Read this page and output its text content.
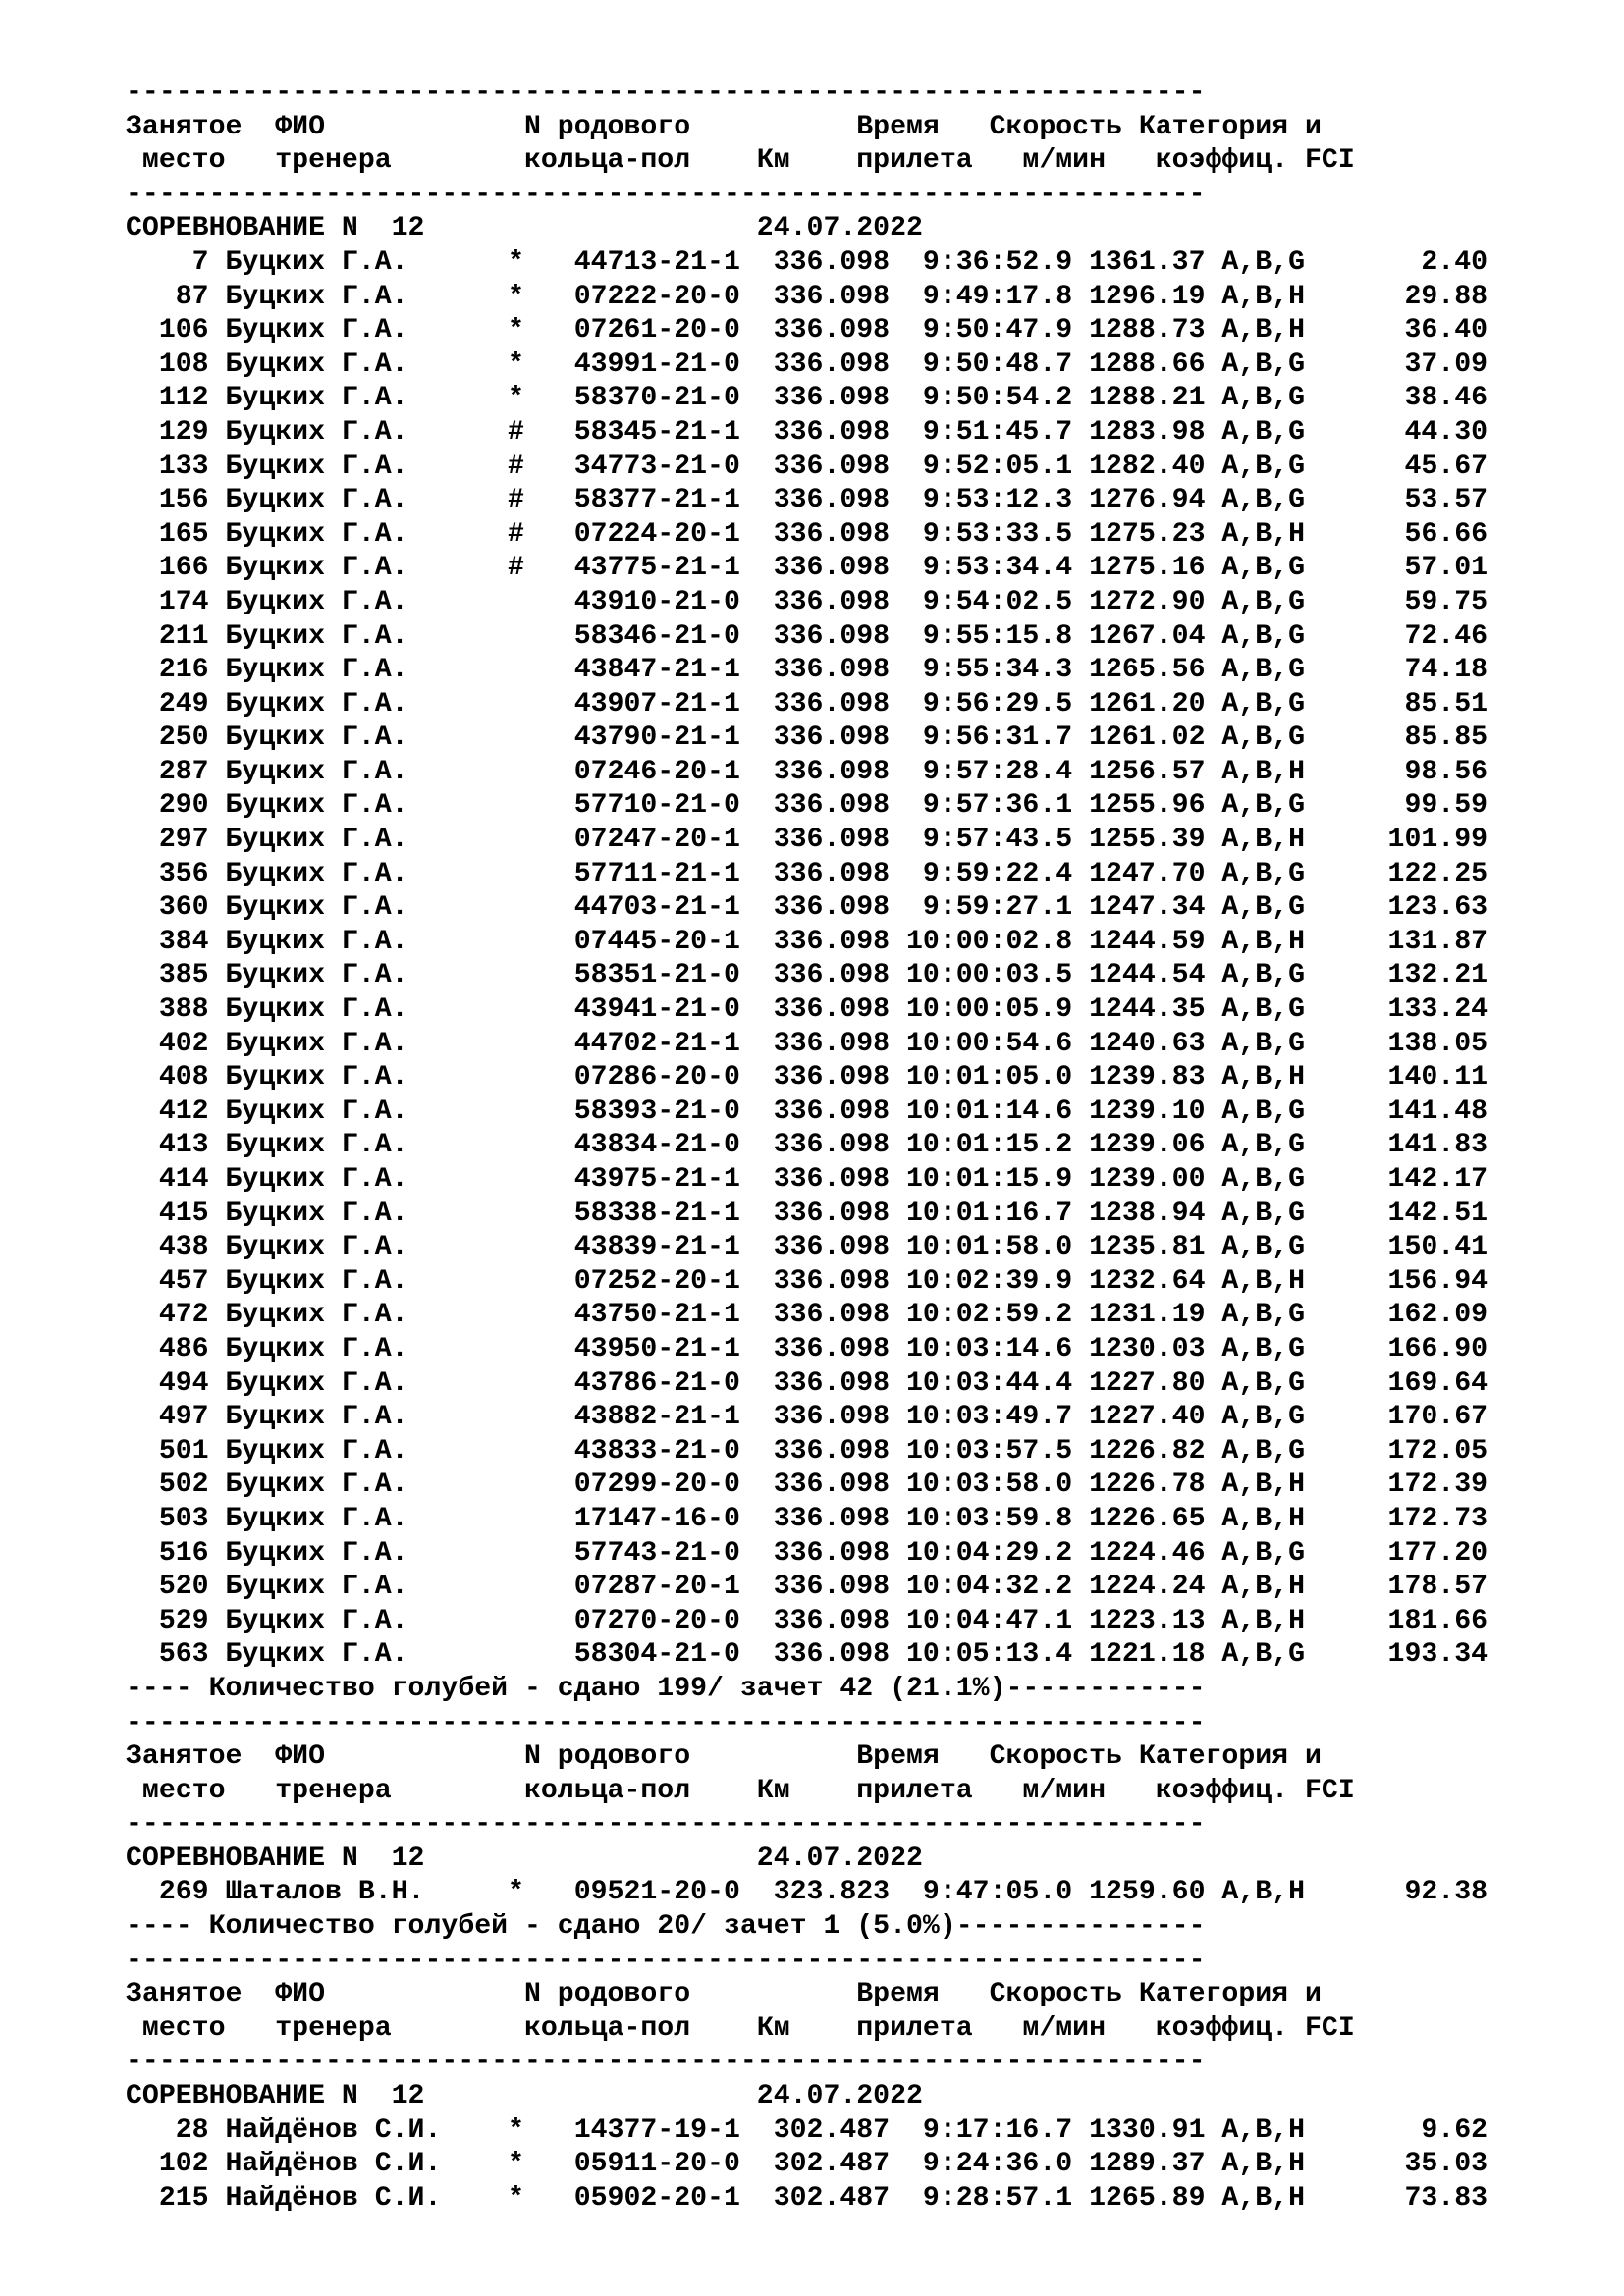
-----------------------------------------------------------------
Занятое  ФИО            N родового          Время   Скорость Категория и
место   тренера        кольца-пол    Км    прилета   м/мин   коэффиц. FCI
-----------------------------------------------------------------
СОРЕВНОВАНИЕ N  12                    24.07.2022
7 Буцких Г.А.      *   44713-21-1  336.098  9:36:52.9 1361.37 A,B,G       2.40
87 Буцких Г.А.      *   07222-20-0  336.098  9:49:17.8 1296.19 A,B,H      29.88
106 Буцких Г.А.      *   07261-20-0  336.098  9:50:47.9 1288.73 A,B,H      36.40
108 Буцких Г.А.      *   43991-21-0  336.098  9:50:48.7 1288.66 A,B,G      37.09
112 Буцких Г.А.      *   58370-21-0  336.098  9:50:54.2 1288.21 A,B,G      38.46
129 Буцких Г.А.      #   58345-21-1  336.098  9:51:45.7 1283.98 A,B,G      44.30
133 Буцких Г.А.      #   34773-21-0  336.098  9:52:05.1 1282.40 A,B,G      45.67
156 Буцких Г.А.      #   58377-21-1  336.098  9:53:12.3 1276.94 A,B,G      53.57
165 Буцких Г.А.      #   07224-20-1  336.098  9:53:33.5 1275.23 A,B,H      56.66
166 Буцких Г.А.      #   43775-21-1  336.098  9:53:34.4 1275.16 A,B,G      57.01
174 Буцких Г.А.          43910-21-0  336.098  9:54:02.5 1272.90 A,B,G      59.75
211 Буцких Г.А.          58346-21-0  336.098  9:55:15.8 1267.04 A,B,G      72.46
216 Буцких Г.А.          43847-21-1  336.098  9:55:34.3 1265.56 A,B,G      74.18
249 Буцких Г.А.          43907-21-1  336.098  9:56:29.5 1261.20 A,B,G      85.51
250 Буцких Г.А.          43790-21-1  336.098  9:56:31.7 1261.02 A,B,G      85.85
287 Буцких Г.А.          07246-20-1  336.098  9:57:28.4 1256.57 A,B,H      98.56
290 Буцких Г.А.          57710-21-0  336.098  9:57:36.1 1255.96 A,B,G      99.59
297 Буцких Г.А.          07247-20-1  336.098  9:57:43.5 1255.39 A,B,H     101.99
356 Буцких Г.А.          57711-21-1  336.098  9:59:22.4 1247.70 A,B,G     122.25
360 Буцких Г.А.          44703-21-1  336.098  9:59:27.1 1247.34 A,B,G     123.63
384 Буцких Г.А.          07445-20-1  336.098 10:00:02.8 1244.59 A,B,H     131.87
385 Буцких Г.А.          58351-21-0  336.098 10:00:03.5 1244.54 A,B,G     132.21
388 Буцких Г.А.          43941-21-0  336.098 10:00:05.9 1244.35 A,B,G     133.24
402 Буцких Г.А.          44702-21-1  336.098 10:00:54.6 1240.63 A,B,G     138.05
408 Буцких Г.А.          07286-20-0  336.098 10:01:05.0 1239.83 A,B,H     140.11
412 Буцких Г.А.          58393-21-0  336.098 10:01:14.6 1239.10 A,B,G     141.48
413 Буцких Г.А.          43834-21-0  336.098 10:01:15.2 1239.06 A,B,G     141.83
414 Буцких Г.А.          43975-21-1  336.098 10:01:15.9 1239.00 A,B,G     142.17
415 Буцких Г.А.          58338-21-1  336.098 10:01:16.7 1238.94 A,B,G     142.51
438 Буцких Г.А.          43839-21-1  336.098 10:01:58.0 1235.81 A,B,G     150.41
457 Буцких Г.А.          07252-20-1  336.098 10:02:39.9 1232.64 A,B,H     156.94
472 Буцких Г.А.          43750-21-1  336.098 10:02:59.2 1231.19 A,B,G     162.09
486 Буцких Г.А.          43950-21-1  336.098 10:03:14.6 1230.03 A,B,G     166.90
494 Буцких Г.А.          43786-21-0  336.098 10:03:44.4 1227.80 A,B,G     169.64
497 Буцких Г.А.          43882-21-1  336.098 10:03:49.7 1227.40 A,B,G     170.67
501 Буцких Г.А.          43833-21-0  336.098 10:03:57.5 1226.82 A,B,G     172.05
502 Буцких Г.А.          07299-20-0  336.098 10:03:58.0 1226.78 A,B,H     172.39
503 Буцких Г.А.          17147-16-0  336.098 10:03:59.8 1226.65 A,B,H     172.73
516 Буцких Г.А.          57743-21-0  336.098 10:04:29.2 1224.46 A,B,G     177.20
520 Буцких Г.А.          07287-20-1  336.098 10:04:32.2 1224.24 A,B,H     178.57
529 Буцких Г.А.          07270-20-0  336.098 10:04:47.1 1223.13 A,B,H     181.66
563 Буцких Г.А.          58304-21-0  336.098 10:05:13.4 1221.18 A,B,G     193.34
---- Количество голубей - сдано 199/ зачет 42 (21.1%)------------
-----------------------------------------------------------------
Занятое  ФИО            N родового          Время   Скорость Категория и
место   тренера        кольца-пол    Км    прилета   м/мин   коэффиц. FCI
-----------------------------------------------------------------
СОРЕВНОВАНИЕ N  12                    24.07.2022
269 Шаталов В.Н.     *   09521-20-0  323.823  9:47:05.0 1259.60 A,B,H      92.38
---- Количество голубей - сдано 20/ зачет 1 (5.0%)---------------
-----------------------------------------------------------------
Занятое  ФИО            N родового          Время   Скорость Категория и
место   тренера        кольца-пол    Км    прилета   м/мин   коэффиц. FCI
-----------------------------------------------------------------
СОРЕВНОВАНИЕ N  12                    24.07.2022
28 Найдёнов С.И.    *   14377-19-1  302.487  9:17:16.7 1330.91 A,B,H       9.62
102 Найдёнов С.И.    *   05911-20-0  302.487  9:24:36.0 1289.37 A,B,H      35.03
215 Найдёнов С.И.    *   05902-20-1  302.487  9:28:57.1 1265.89 A,B,H      73.83
